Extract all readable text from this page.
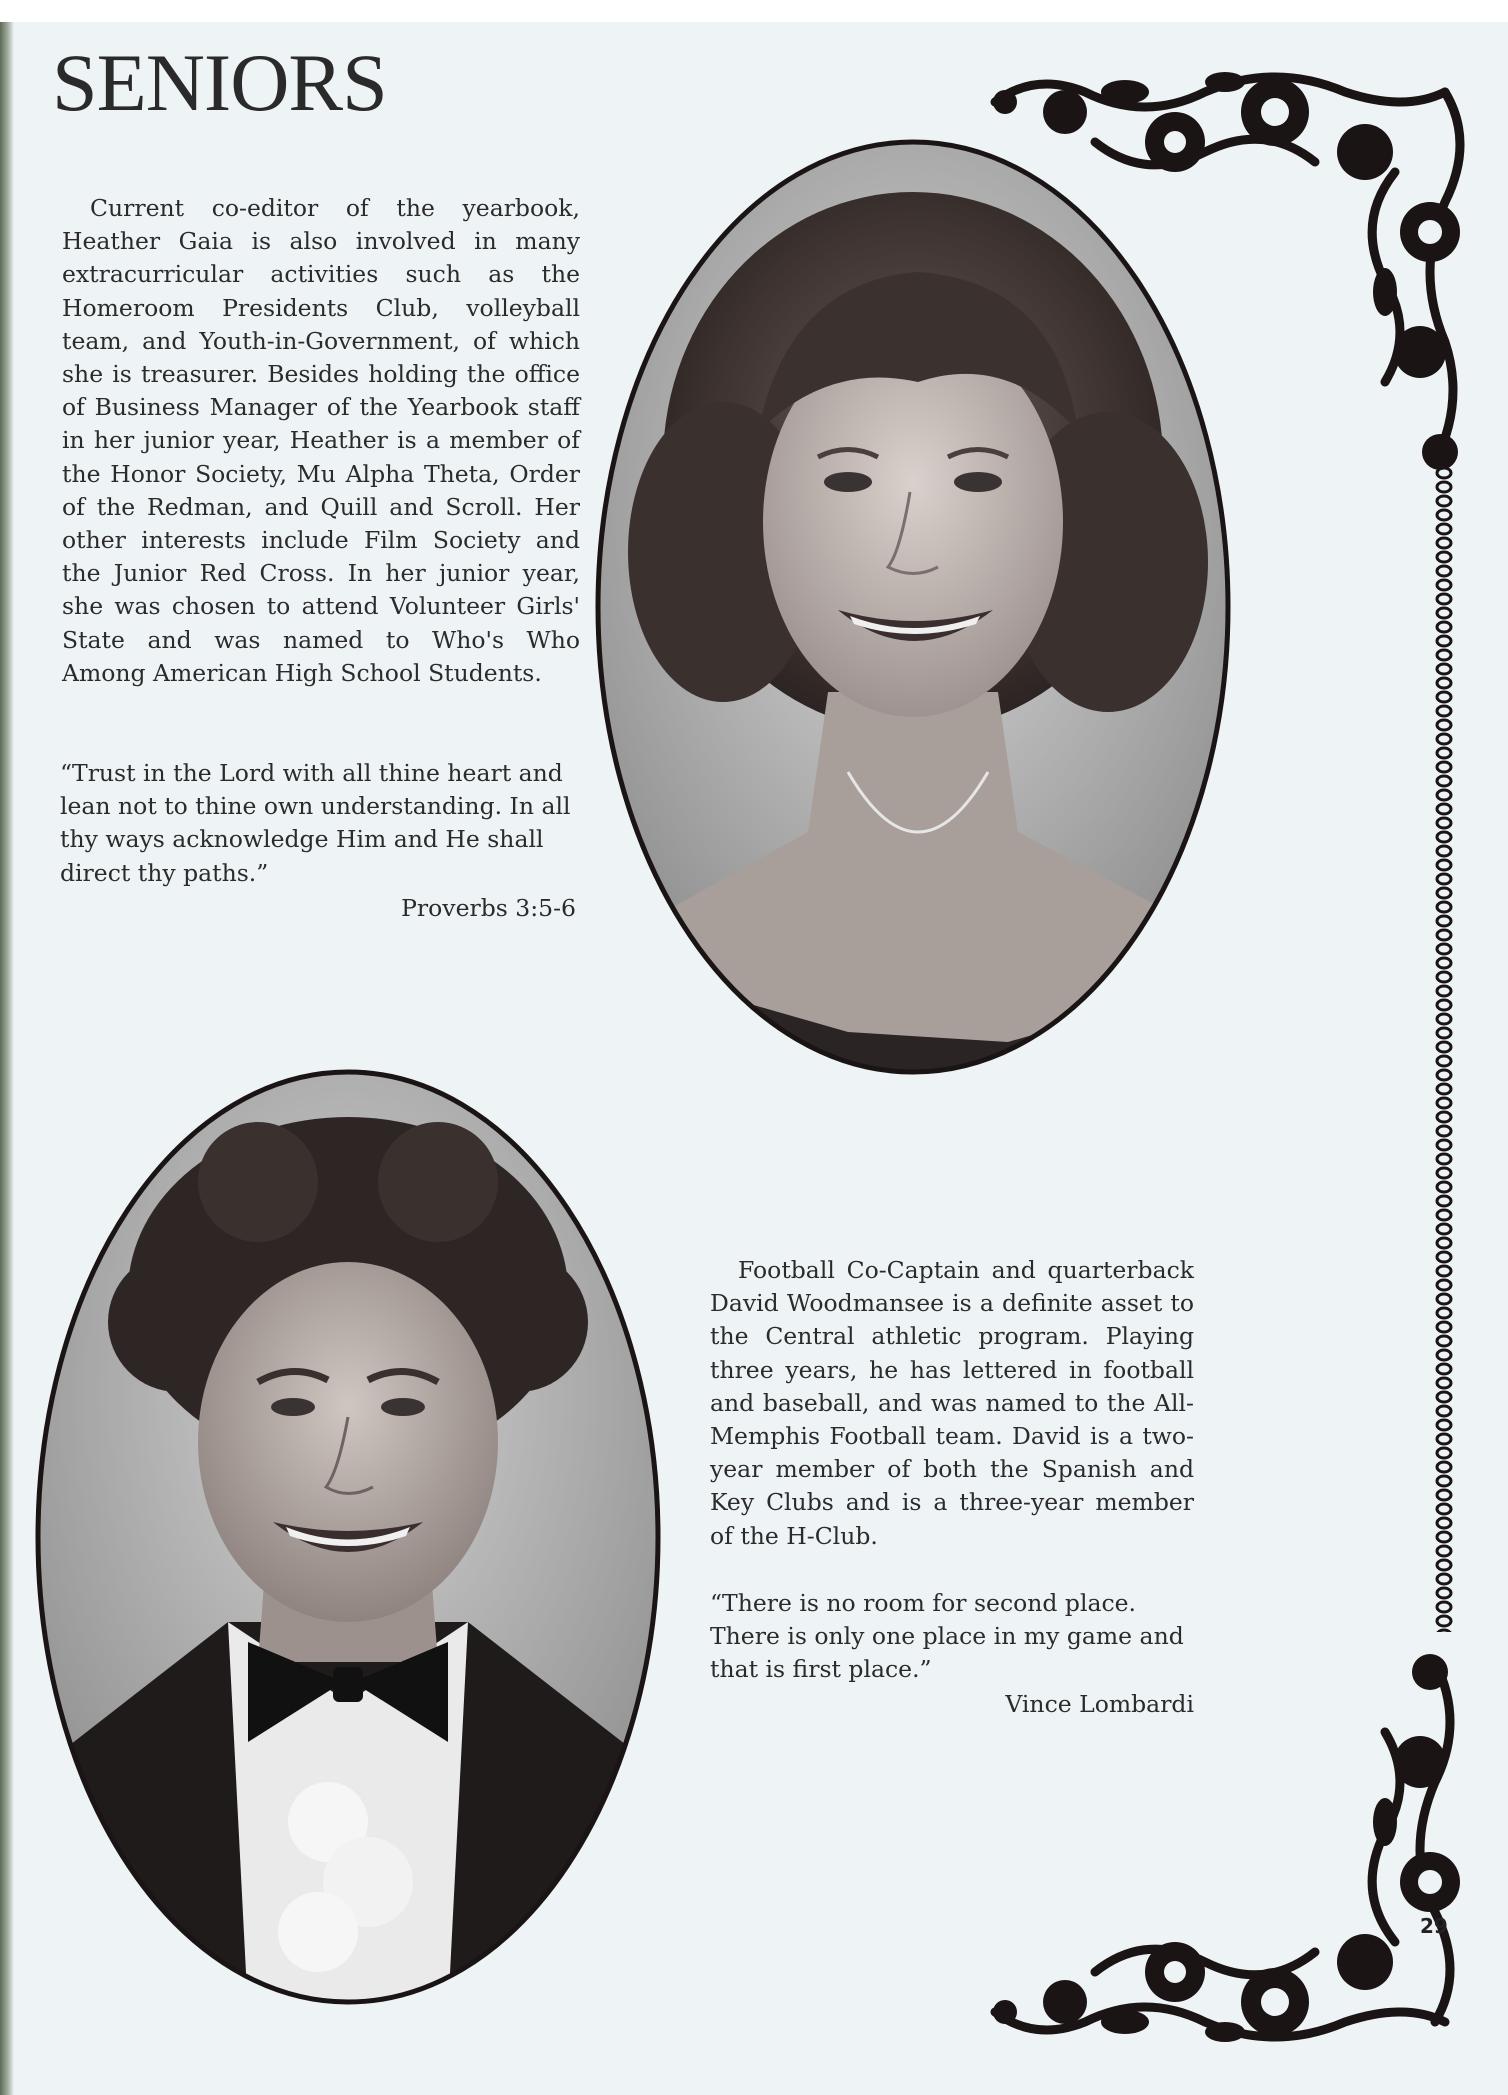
SENIORS

Current co-editor of the yearbook, Heather Gaia is also involved in many extracurricular activities such as the Homeroom Presidents Club, volleyball team, and Youth-in-Government, of which she is treasurer. Besides holding the office of Business Manager of the Yearbook staff in her junior year, Heather is a member of the Honor Society, Mu Alpha Theta, Order of the Redman, and Quill and Scroll. Her other interests include Film Society and the Junior Red Cross. In her junior year, she was chosen to attend Volunteer Girls' State and was named to Who's Who Among American High School Students.

“Trust in the Lord with all thine heart and lean not to thine own understanding. In all thy ways acknowledge Him and He shall direct thy paths.”

Proverbs 3:5-6

Football Co-Captain and quarterback David Woodmansee is a definite asset to the Central athletic program. Playing three years, he has lettered in football and baseball, and was named to the All-Memphis Football team. David is a two-year member of both the Spanish and Key Clubs and is a three-year member of the H-Club.

“There is no room for second place. There is only one place in my game and that is first place.”

Vince Lombardi

29
